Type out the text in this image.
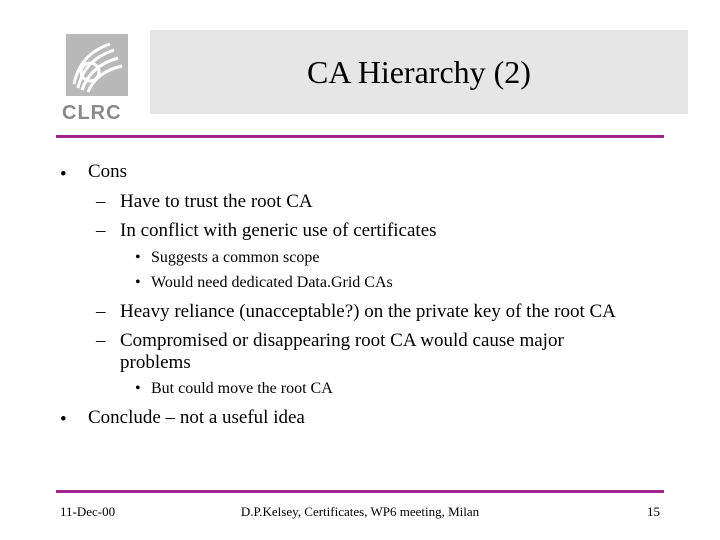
CLRC
CA Hierarchy (2)
• Cons
– Have to trust the root CA
– In conflict with generic use of certificates
• Suggests a common scope
• Would need dedicated Data.Grid CAs
– Heavy reliance (unacceptable?) on the private key of the root CA
– Compromised or disappearing root CA would cause major
problems
• But could move the root CA
• Conclude – not a useful idea
11-Dec-00	D.P.Kelsey, Certificates, WP6 meeting, Milan	15
